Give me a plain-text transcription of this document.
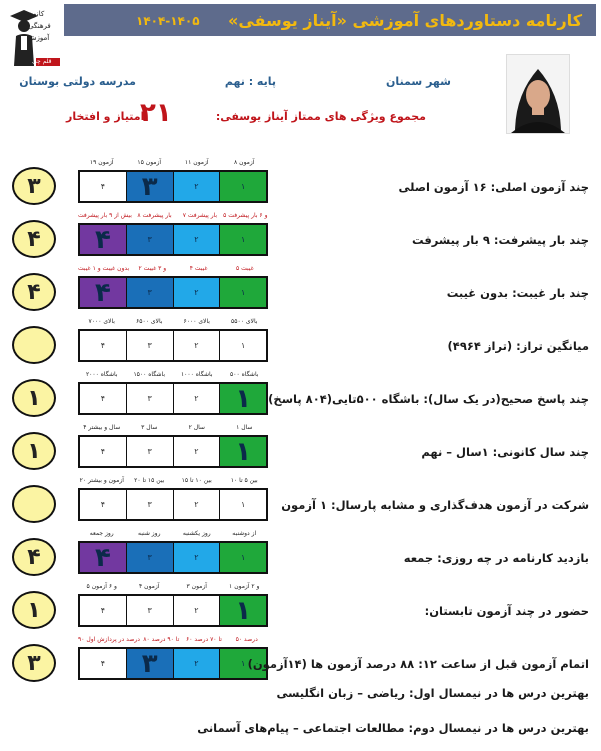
کانون
فرهنگی
آموزش
قلم چی
کارنامه دستاوردهای آموزشی «آیناز یوسفی»
۱۴۰۴-۱۴۰۵
شهر سمنان
پایه : نهم
مدرسه دولتی بوستان
مجموع ویژگی های ممتاز آیناز یوسفی:
۲۱
امتیاز و افتخار
۱۹ آزمون	۱۵ آزمون	۱۱ آزمون	۸ آزمون
۴	۳	۲	۱
۳	چند آزمون اصلی: ۱۶ آزمون اصلی
بیش از ۹ بار پیشرفت ۸ بار پیشرفت	۷ بار پیشرفت	۵ و ۶ بار پیشرفت
۴	۳	۲	۱
۴	چند بار پیشرفت: ۹ بار پیشرفت
بدون غیبت و ۱ غیبت	۲ و ۳ غیبت	۴ غیبت	۵ غیبت
۴	۳	۲	۱
۴	چند بار غیبت: بدون غیبت
بالای ۷۰۰۰	بالای ۶۵۰۰	بالای ۶۰۰۰	بالای ۵۵۰۰
۴	۳	۲	۱	میانگین تراز: (تراز ۴۹۶۴)
باشگاه ۲۰۰۰	باشگاه ۱۵۰۰	باشگاه ۱۰۰۰	باشگاه ۵۰۰
۴	۳	۲	۱
۱	چند پاسخ صحیح(در یک سال): باشگاه ۵۰۰تایی(۸۰۴ پاسخ)
۴ سال و بیشتر	۳ سال	۲ سال	۱ سال
۴	۳	۲	۱
۱	چند سال کانونی: ۱سال – نهم
۲۰ آزمون و بیشتر	بین ۱۵ تا ۲۰	بین ۱۰ تا ۱۵	بین ۵ تا ۱۰
۴	۳	۲	۱	شرکت در آزمون هدف‌گذاری و مشابه پارسال: ۱ آزمون
روز جمعه	روز شنبه	روز یکشنبه	از دوشنبه
۴	۳	۲	۱
۴	بازدید کارنامه در چه روزی: جمعه
۵ و ۶ آزمون	۴ آزمون	۳ آزمون	۱ و ۲ آزمون
۴	۳	۲	۱
۱	حضور در چند آزمون تابستان:
۹۰ درصد در پردازش اول ۸۰ تا ۹۰ درصد	۶۰ تا ۷۰ درصد	۵۰ درصد
۴	۳	۲	۱
۳	اتمام آزمون قبل از ساعت ۱۲: ۸۸ درصد آزمون ها (۱۴آزمون)
بهترین درس ها در نیمسال اول: ریاضی – زبان انگلیسی
بهترین درس ها در نیمسال دوم: مطالعات اجتماعی – پیام‌های آسمانی
